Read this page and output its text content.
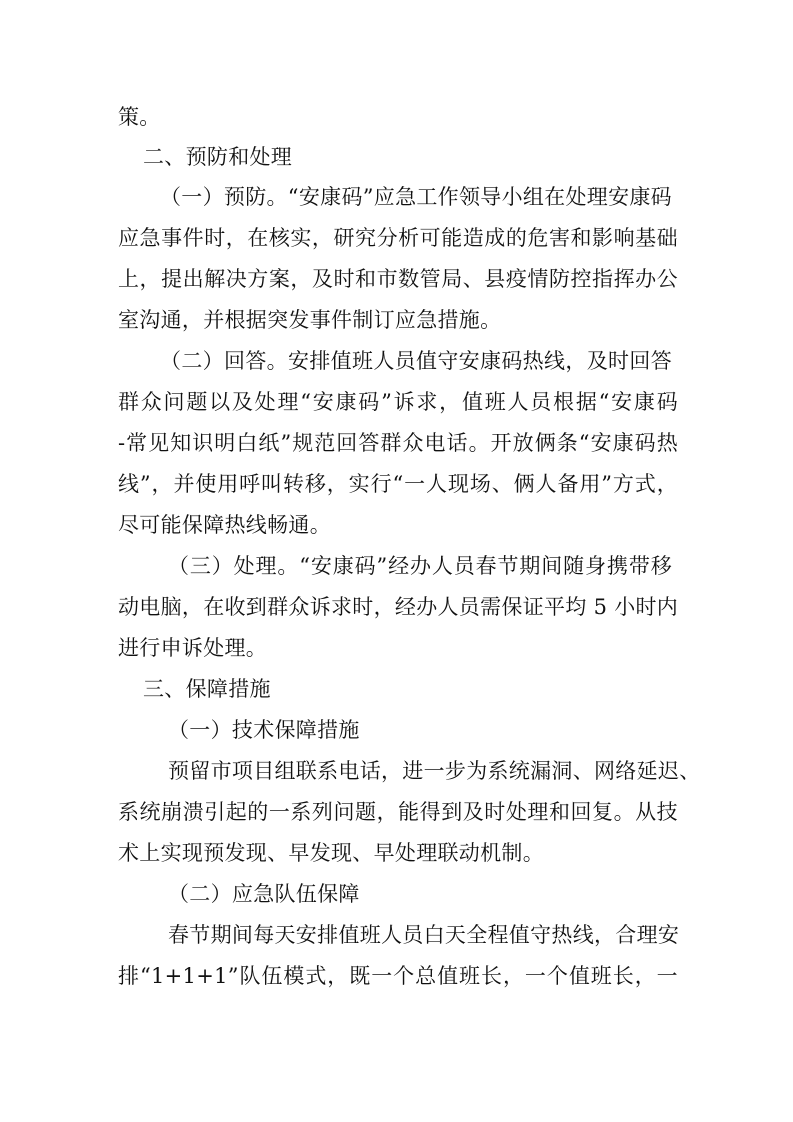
策。
二、预防和处理
（一）预防。“安康码”应急工作领导小组在处理安康码
应急事件时，在核实，研究分析可能造成的危害和影响基础
上，提出解决方案，及时和市数管局、县疫情防控指挥办公
室沟通，并根据突发事件制订应急措施。
（二）回答。安排值班人员值守安康码热线，及时回答
群众问题以及处理“安康码”诉求，值班人员根据“安康码
-常见知识明白纸”规范回答群众电话。开放俩条“安康码热
线”，并使用呼叫转移，实行“一人现场、俩人备用”方式，
尽可能保障热线畅通。
（三）处理。“安康码”经办人员春节期间随身携带移
动电脑，在收到群众诉求时，经办人员需保证平均 5 小时内
进行申诉处理。
三、保障措施
（一）技术保障措施
预留市项目组联系电话，进一步为系统漏洞、网络延迟、
系统崩溃引起的一系列问题，能得到及时处理和回复。从技
术上实现预发现、早发现、早处理联动机制。
（二）应急队伍保障
春节期间每天安排值班人员白天全程值守热线，合理安
排“1+1+1”队伍模式，既一个总值班长，一个值班长，一
